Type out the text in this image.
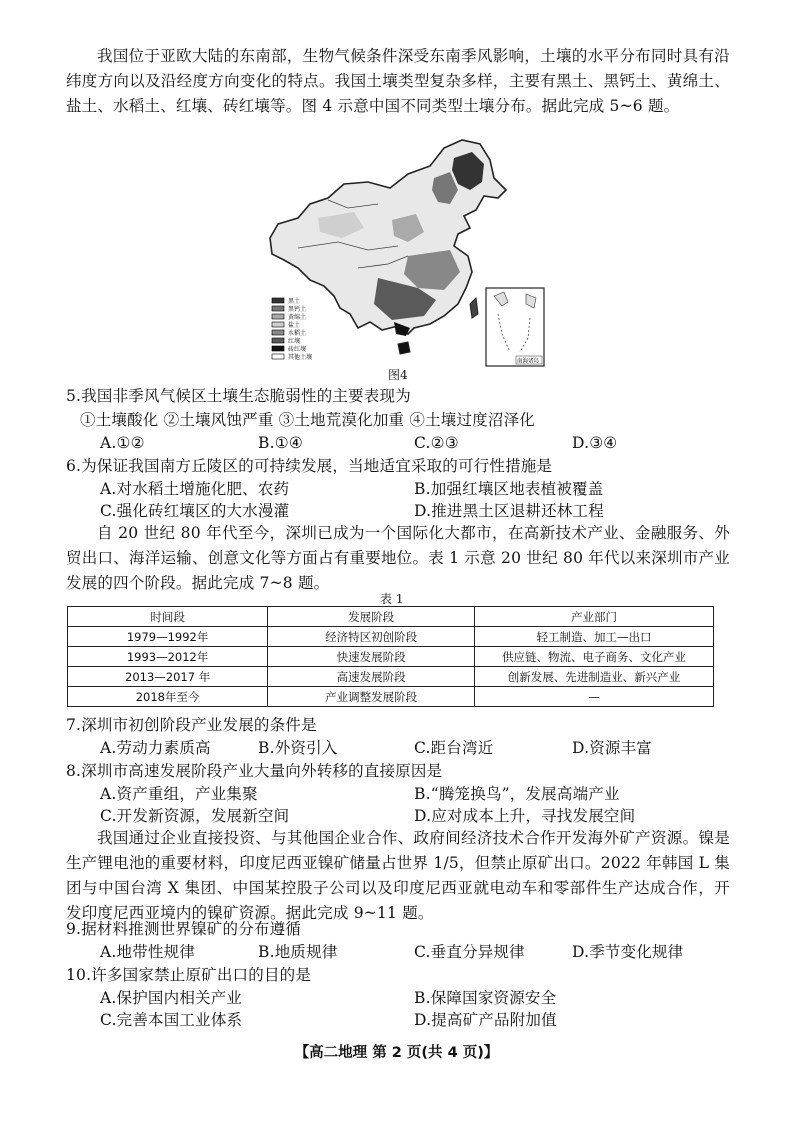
我国位于亚欧大陆的东南部，生物气候条件深受东南季风影响，土壤的水平分布同时具有沿纬度方向以及沿经度方向变化的特点。我国土壤类型复杂多样，主要有黑土、黑钙土、黄绵土、盐土、水稻土、红壤、砖红壤等。图 4 示意中国不同类型土壤分布。据此完成 5~6 题。
黑土
黑钙土
黄绵土
盐土
水稻土
红壤
砖红壤
其他土壤
南海诸岛
图4
5.我国非季风气候区土壤生态脆弱性的主要表现为
①土壤酸化 ②土壤风蚀严重 ③土地荒漠化加重 ④土壤过度沼泽化
A.①②	B.①④	C.②③	D.③④
6.为保证我国南方丘陵区的可持续发展，当地适宜采取的可行性措施是
A.对水稻土增施化肥、农药	B.加强红壤区地表植被覆盖
C.强化砖红壤区的大水漫灌	D.推进黑土区退耕还林工程
自 20 世纪 80 年代至今，深圳已成为一个国际化大都市，在高新技术产业、金融服务、外贸出口、海洋运输、创意文化等方面占有重要地位。表 1 示意 20 世纪 80 年代以来深圳市产业发展的四个阶段。据此完成 7~8 题。
表 1
时间段	发展阶段	产业部门
1979—1992年	经济特区初创阶段	轻工制造、加工—出口
1993—2012年	快速发展阶段	供应链、物流、电子商务、文化产业
2013—2017 年	高速发展阶段	创新发展、先进制造业、新兴产业
2018年至今	产业调整发展阶段	—
7.深圳市初创阶段产业发展的条件是
A.劳动力素质高	B.外资引入	C.距台湾近	D.资源丰富
8.深圳市高速发展阶段产业大量向外转移的直接原因是
A.资产重组，产业集聚	B.“腾笼换鸟”，发展高端产业
C.开发新资源，发展新空间	D.应对成本上升，寻找发展空间
我国通过企业直接投资、与其他国企业合作、政府间经济技术合作开发海外矿产资源。镍是生产锂电池的重要材料，印度尼西亚镍矿储量占世界 1/5，但禁止原矿出口。2022 年韩国 L 集团与中国台湾 X 集团、中国某控股子公司以及印度尼西亚就电动车和零部件生产达成合作，开发印度尼西亚境内的镍矿资源。据此完成 9~11 题。
9.据材料推测世界镍矿的分布遵循
A.地带性规律	B.地质规律	C.垂直分异规律	D.季节变化规律
10.许多国家禁止原矿出口的目的是
A.保护国内相关产业	B.保障国家资源安全
C.完善本国工业体系	D.提高矿产品附加值
【高二地理 第 2 页(共 4 页)】
